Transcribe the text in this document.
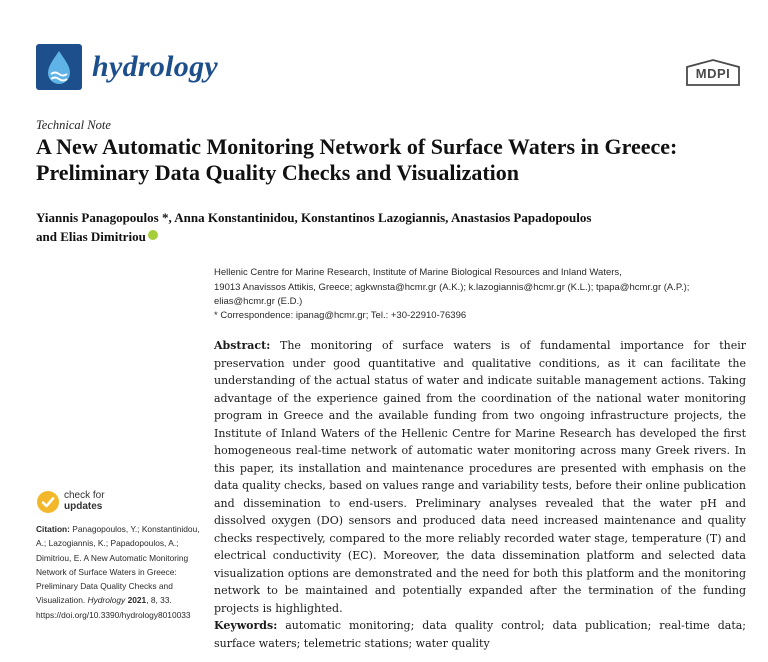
hydrology	MDPI
Technical Note
A New Automatic Monitoring Network of Surface Waters in Greece: Preliminary Data Quality Checks and Visualization
Yiannis Panagopoulos *, Anna Konstantinidou, Konstantinos Lazogiannis, Anastasios Papadopoulos
and Elias Dimitriou

Hellenic Centre for Marine Research, Institute of Marine Biological Resources and Inland Waters,

19013 Anavissos Attikis, Greece; agkwnsta@hcmr.gr (A.K.); k.lazogiannis@hcmr.gr (K.L.); tpapa@hcmr.gr (A.P.);

elias@hcmr.gr (E.D.)

* Correspondence: ipanag@hcmr.gr; Tel.: +30-22910-76396
Abstract: The monitoring of surface waters is of fundamental importance for their preservation under good quantitative and qualitative conditions, as it can facilitate the understanding of the actual status of water and indicate suitable management actions. Taking advantage of the experience gained from the coordination of the national water monitoring program in Greece and the available funding from two ongoing infrastructure projects, the Institute of Inland Waters of the Hellenic Centre for Marine Research has developed the first homogeneous real-time network of automatic water monitoring across many Greek rivers. In this paper, its installation and maintenance procedures are presented with emphasis on the data quality checks, based on values range and variability tests, before their online publication and dissemination to end-users. Preliminary analyses revealed that the water pH and dissolved oxygen (DO) sensors and produced data need increased maintenance and quality checks respectively, compared to the more reliably recorded water stage, temperature (T) and electrical conductivity (EC). Moreover, the data dissemination platform and selected data visualization options are demonstrated and the need for both this platform and the monitoring network to be maintained and potentially expanded after the termination of the funding projects is highlighted.
Keywords: automatic monitoring; data quality control; data publication; real-time data; surface waters; telemetric stations; water quality
check for
updates
Citation: Panagopoulos, Y.; Konstantinidou, A.; Lazogiannis, K.; Papadopoulos, A.; Dimitriou, E. A New Automatic Monitoring Network of Surface Waters in Greece: Preliminary Data Quality Checks and Visualization. Hydrology 2021, 8, 33. https://doi.org/10.3390/hydrology8010033
